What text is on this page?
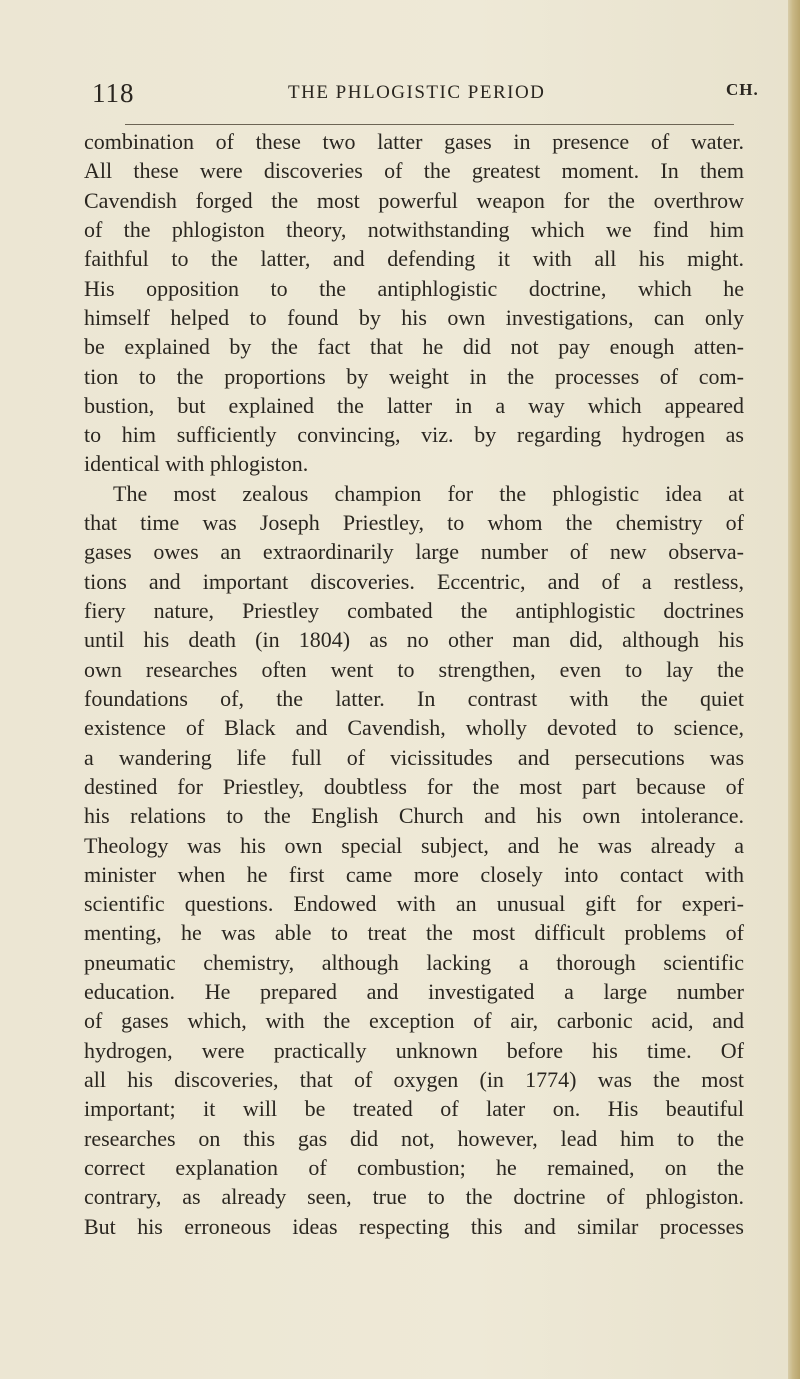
118	THE PHLOGISTIC PERIOD	CH.
combination of these two latter gases in presence of water.
All these were discoveries of the greatest moment. In them
Cavendish forged the most powerful weapon for the overthrow
of the phlogiston theory, notwithstanding which we find him
faithful to the latter, and defending it with all his might.
His opposition to the antiphlogistic doctrine, which he
himself helped to found by his own investigations, can only
be explained by the fact that he did not pay enough atten-
tion to the proportions by weight in the processes of com-
bustion, but explained the latter in a way which appeared
to him sufficiently convincing, viz. by regarding hydrogen as
identical with phlogiston.
The most zealous champion for the phlogistic idea at
that time was Joseph Priestley, to whom the chemistry of
gases owes an extraordinarily large number of new observa-
tions and important discoveries. Eccentric, and of a restless,
fiery nature, Priestley combated the antiphlogistic doctrines
until his death (in 1804) as no other man did, although his
own researches often went to strengthen, even to lay the
foundations of, the latter. In contrast with the quiet
existence of Black and Cavendish, wholly devoted to science,
a wandering life full of vicissitudes and persecutions was
destined for Priestley, doubtless for the most part because of
his relations to the English Church and his own intolerance.
Theology was his own special subject, and he was already a
minister when he first came more closely into contact with
scientific questions. Endowed with an unusual gift for experi-
menting, he was able to treat the most difficult problems of
pneumatic chemistry, although lacking a thorough scientific
education. He prepared and investigated a large number
of gases which, with the exception of air, carbonic acid, and
hydrogen, were practically unknown before his time. Of
all his discoveries, that of oxygen (in 1774) was the most
important; it will be treated of later on. His beautiful
researches on this gas did not, however, lead him to the
correct explanation of combustion; he remained, on the
contrary, as already seen, true to the doctrine of phlogiston.
But his erroneous ideas respecting this and similar processes
